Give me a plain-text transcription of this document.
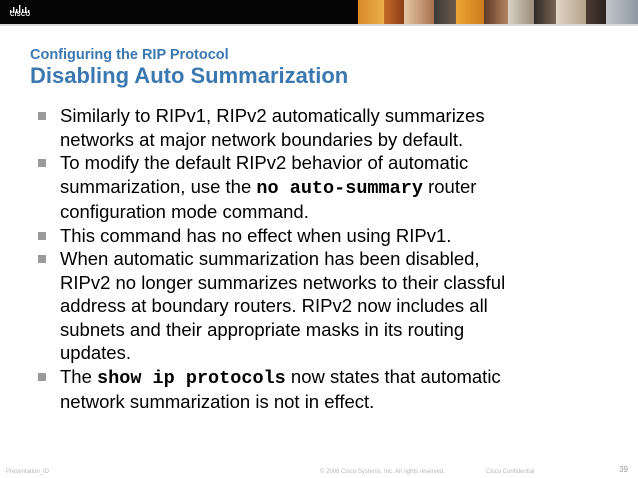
CISCO
Configuring the RIP Protocol
Disabling Auto Summarization
Similarly to RIPv1, RIPv2 automatically summarizes
networks at major network boundaries by default.
To modify the default RIPv2 behavior of automatic
summarization, use the no auto-summary router
configuration mode command.
This command has no effect when using RIPv1.
When automatic summarization has been disabled,
RIPv2 no longer summarizes networks to their classful
address at boundary routers. RIPv2 now includes all
subnets and their appropriate masks in its routing
updates.
The show ip protocols now states that automatic
network summarization is not in effect.
Presentation_ID	© 2008 Cisco Systems, Inc. All rights reserved.	Cisco Confidential	39
